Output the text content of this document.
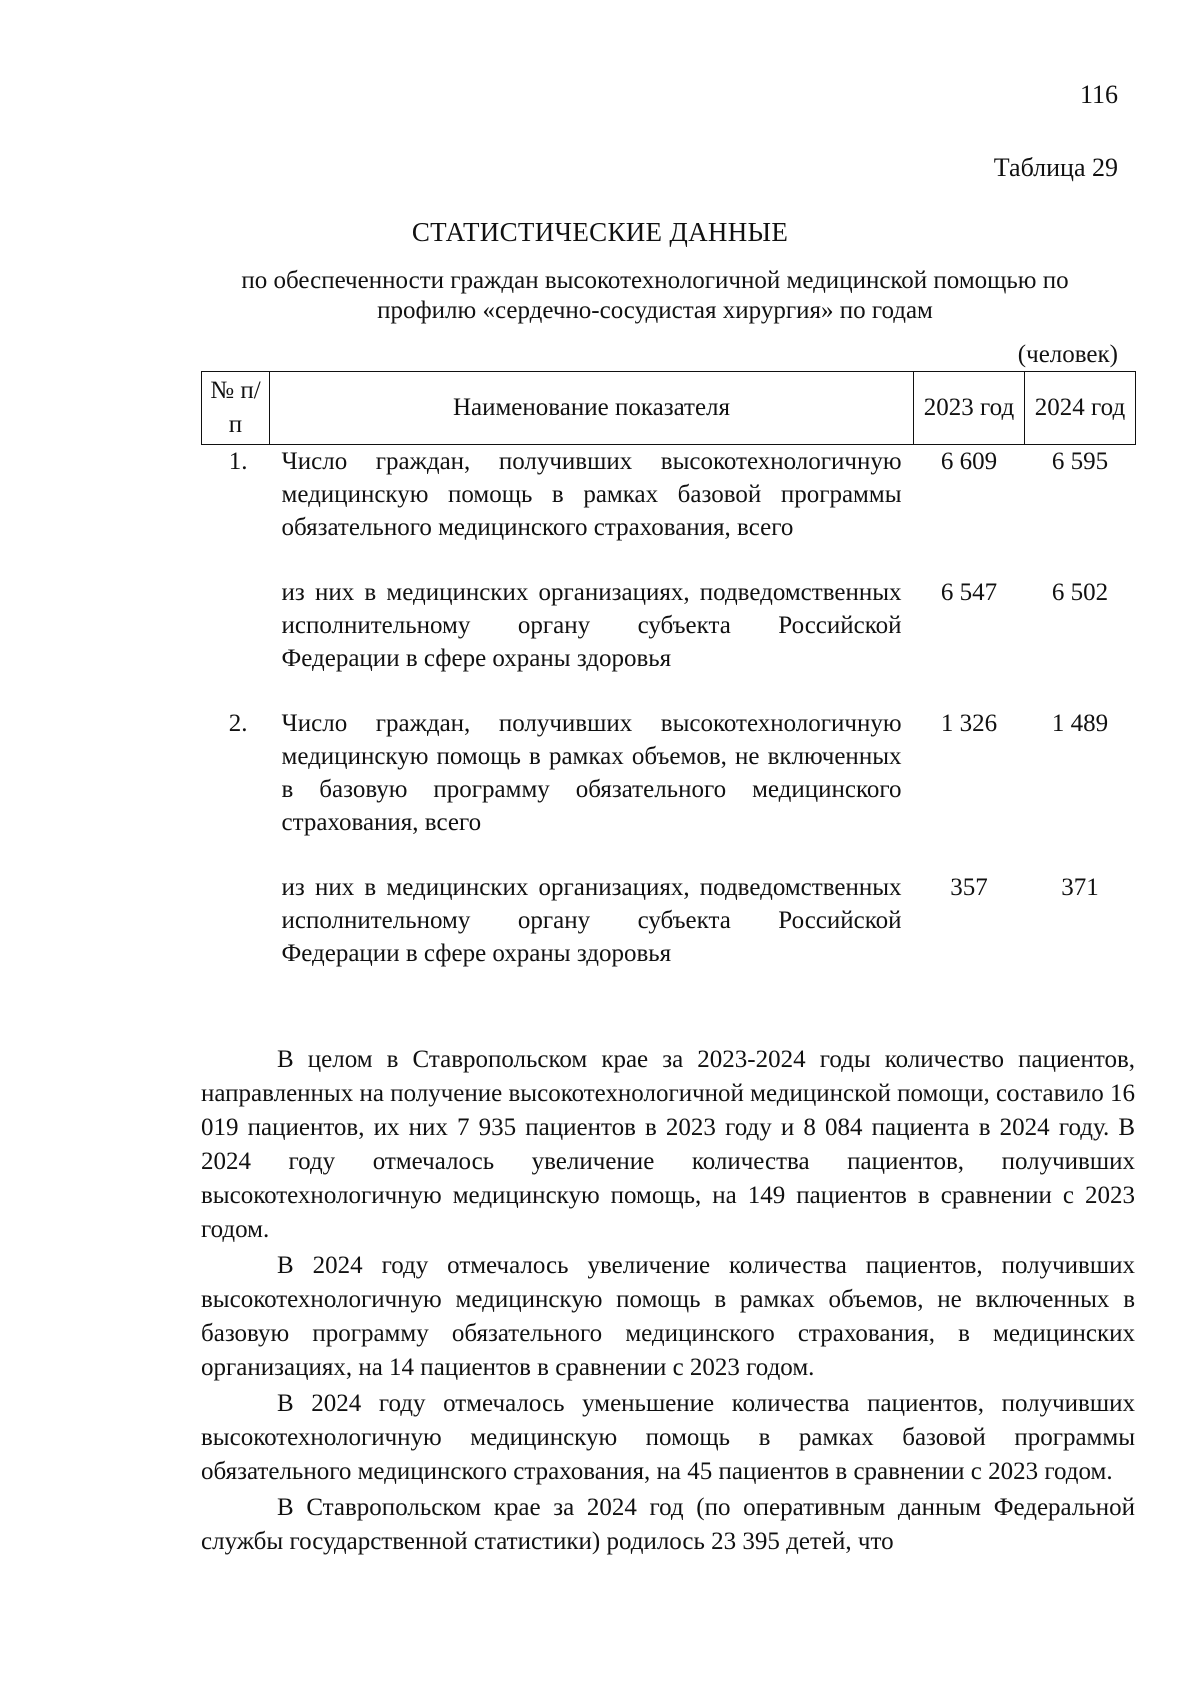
116
Таблица 29
СТАТИСТИЧЕСКИЕ ДАННЫЕ
по обеспеченности граждан высокотехнологичной медицинской помощью по профилю «сердечно-сосудистая хирургия» по годам
(человек)
№ п/п	Наименование показателя	2023 год	2024 год
1.	Число граждан, получивших высокотехнологичную медицинскую помощь в рамках базовой программы обязательного медицинского страхования, всего	6 609	6 595

	из них в медицинских организациях, подведомственных исполнительному органу субъекта Российской Федерации в сфере охраны здоровья	6 547	6 502

2.	Число граждан, получивших высокотехнологичную медицинскую помощь в рамках объемов, не включенных в базовую программу обязательного медицинского страхования, всего	1 326	1 489

	из них в медицинских организациях, подведомственных исполнительному органу субъекта Российской Федерации в сфере охраны здоровья	357	371

В целом в Ставропольском крае за 2023-2024 годы количество пациентов, направленных на получение высокотехнологичной медицинской помощи, составило 16 019 пациентов, их них 7 935 пациентов в 2023 году и 8 084 пациента в 2024 году. В 2024 году отмечалось увеличение количества пациентов, получивших высокотехнологичную медицинскую помощь, на 149 пациентов в сравнении с 2023 годом.

В 2024 году отмечалось увеличение количества пациентов, получивших высокотехнологичную медицинскую помощь в рамках объемов, не включенных в базовую программу обязательного медицинского страхования, в медицинских организациях, на 14 пациентов в сравнении с 2023 годом.

В 2024 году отмечалось уменьшение количества пациентов, получивших высокотехнологичную медицинскую помощь в рамках базовой программы обязательного медицинского страхования, на 45 пациентов в сравнении с 2023 годом.

В Ставропольском крае за 2024 год (по оперативным данным Федеральной службы государственной статистики) родилось 23 395 детей, что
